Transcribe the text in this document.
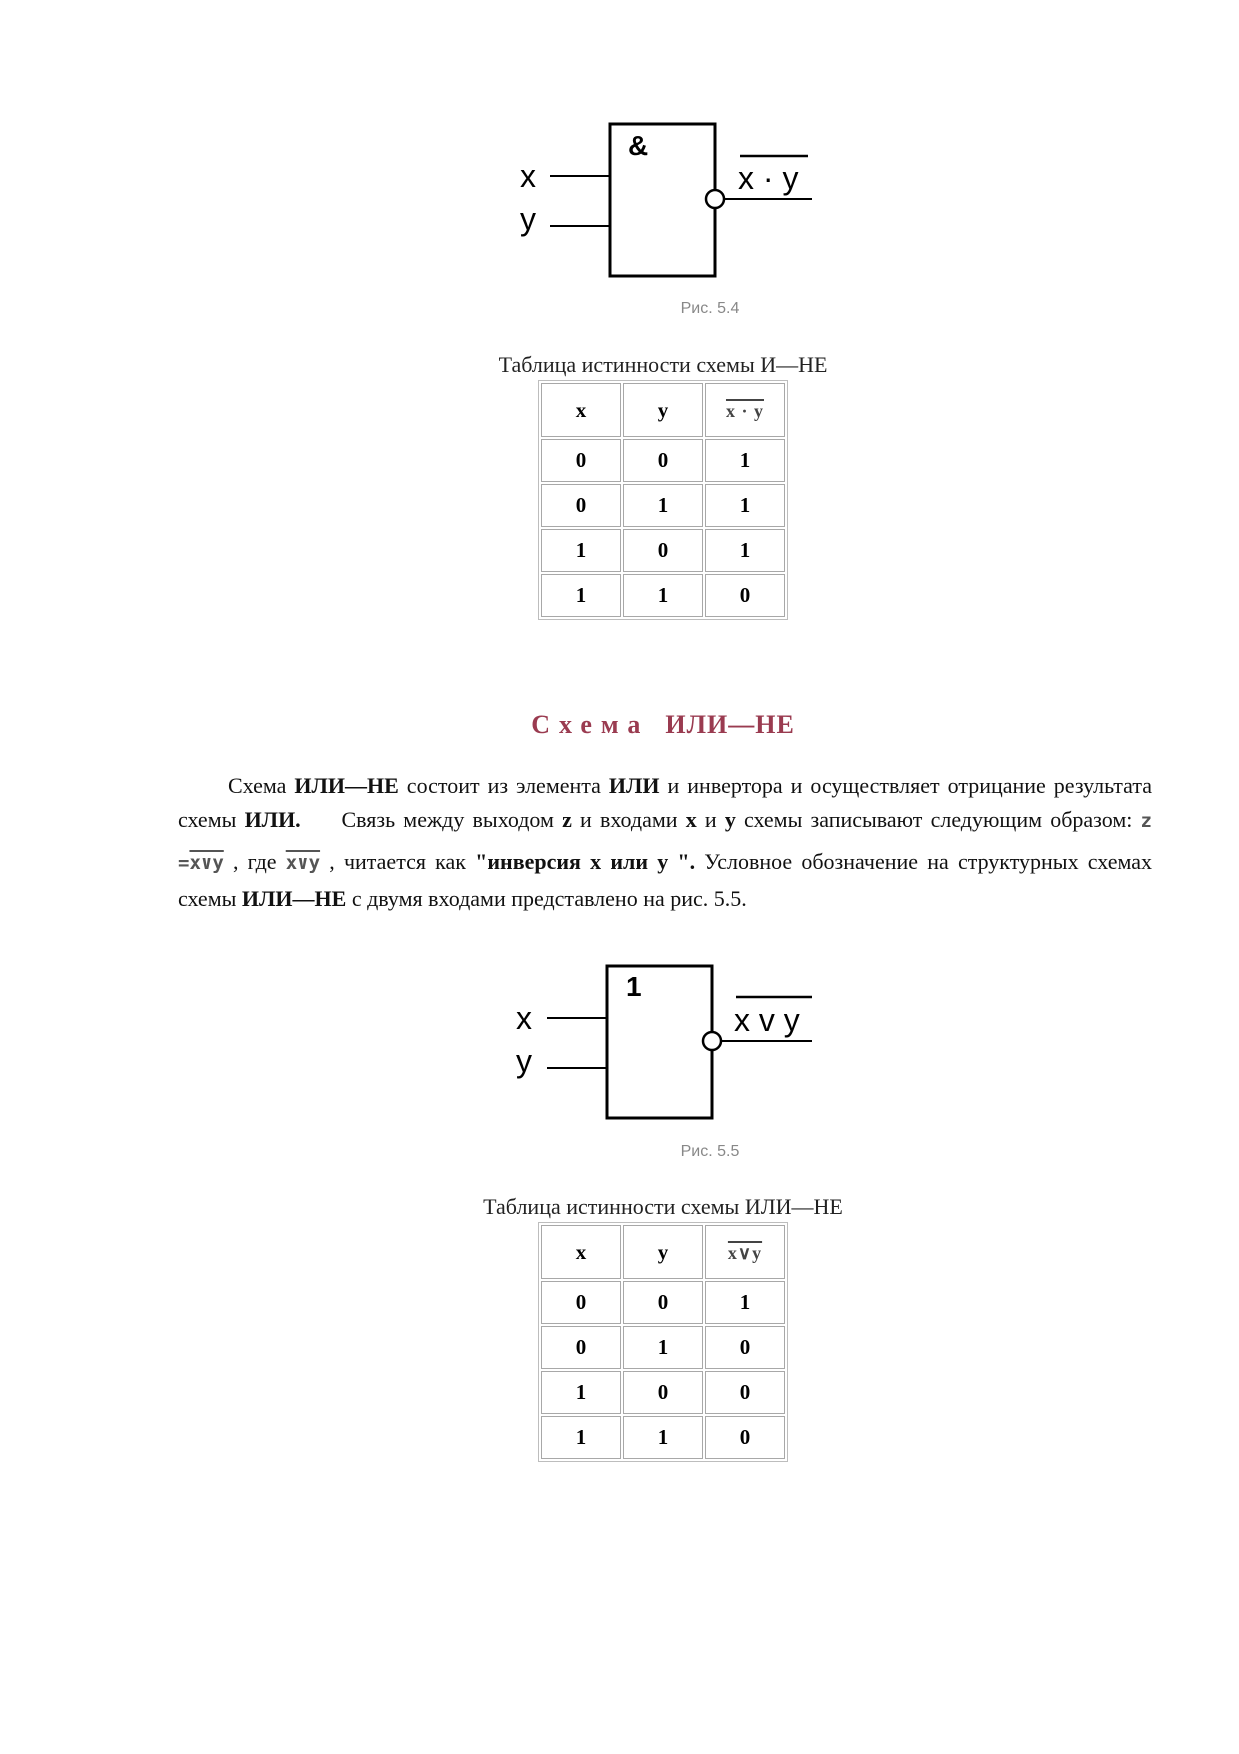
&
x
y
x · y
Рис. 5.4
Таблица истинности схемы И—НЕ
x	y	x · y
0	0	1
0	1	1
1	0	1
1	1	0
Схема ИЛИ—НЕ

Схема ИЛИ—НЕ состоит из элемента ИЛИ и инвертора и осуществляет отрицание результата схемы ИЛИ.     Связь между выходом z и входами x и y схемы записывают следующим образом: z =x∨y , где x∨y , читается как "инверсия x или y ". Условное обозначение на структурных схемах схемы ИЛИ—НЕ с двумя входами представлено на рис. 5.5.

1
x
y
x v y
Рис. 5.5
Таблица истинности схемы ИЛИ—НЕ
x	y	x∨y
0	0	1
0	1	0
1	0	0
1	1	0
